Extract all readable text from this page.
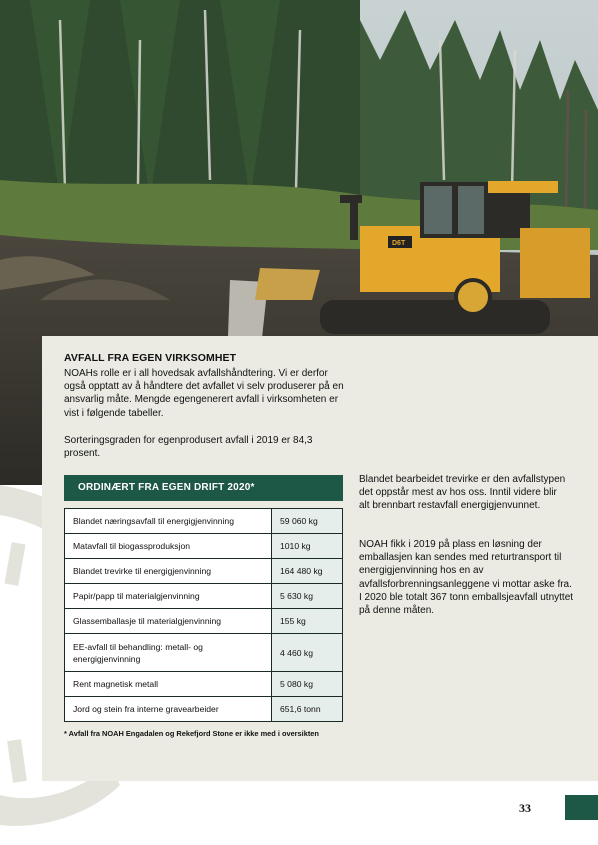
D6T
AVFALL FRA EGEN VIRKSOMHET

NOAHs rolle er i all hovedsak avfallshåndtering. Vi er derfor også opptatt av å håndtere det avfallet vi selv produserer på en ansvarlig måte. Mengde egengenerert avfall i virksomheten er vist i følgende tabeller.

Sorteringsgraden for egenprodusert avfall i 2019 er 84,3 prosent.

ORDINÆRT FRA EGEN DRIFT 2020*
Blandet næringsavfall til energigjenvinning	59 060 kg
Matavfall til biogassproduksjon	1010 kg
Blandet trevirke til energigjenvinning	164 480 kg
Papir/papp til materialgjenvinning	5 630 kg
Glassemballasje til materialgjenvinning	155 kg
EE-avfall til behandling: metall- og energigjenvinning	4 460 kg
Rent magnetisk metall	5 080 kg
Jord og stein fra interne gravearbeider	651,6 tonn

* Avfall fra NOAH Engadalen og Rekefjord Stone er ikke med i oversikten

Blandet bearbeidet trevirke er den avfallstypen det oppstår mest av hos oss. Inntil videre blir alt brennbart restavfall energigjenvunnet.

NOAH fikk i 2019 på plass en løsning der emballasjen kan sendes med returtransport til energigjenvinning hos en av avfallsforbrenningsanleggene vi mottar aske fra. I 2020 ble totalt 367 tonn emballsjeavfall utnyttet på denne måten.

33
